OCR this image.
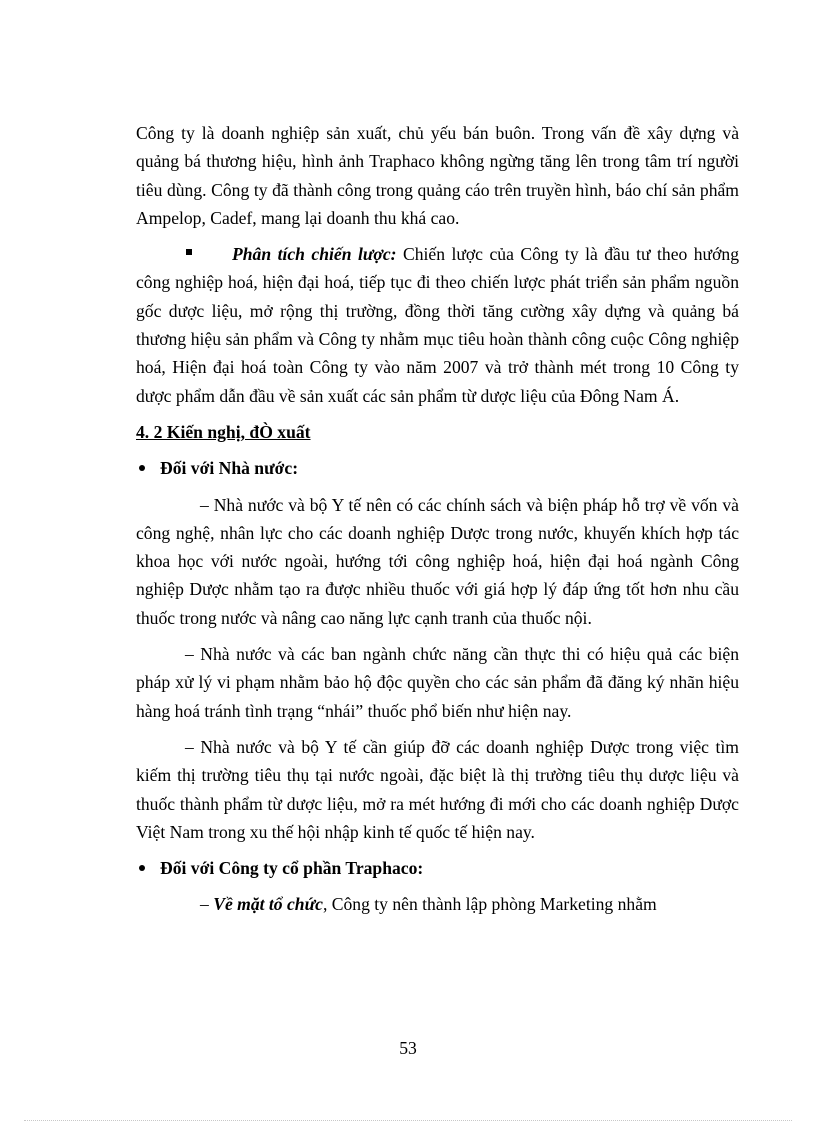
Công ty là doanh nghiệp sản xuất, chủ yếu bán buôn. Trong vấn đề xây dựng và quảng bá thương hiệu, hình ảnh Traphaco không ngừng tăng lên trong tâm trí người tiêu dùng. Công ty đã thành công trong quảng cáo trên truyền hình, báo chí sản phẩm Ampelop, Cadef, mang lại doanh thu khá cao.

Phân tích chiến lược: Chiến lược của Công ty là đầu tư theo hướng công nghiệp hoá, hiện đại hoá, tiếp tục đi theo chiến lược phát triển sản phẩm nguồn gốc dược liệu, mở rộng thị trường, đồng thời tăng cường xây dựng và quảng bá thương hiệu sản phẩm và Công ty nhằm mục tiêu hoàn thành công cuộc Công nghiệp hoá, Hiện đại hoá toàn Công ty vào năm 2007 và trở thành mét trong 10 Công ty dược phẩm dẫn đầu về sản xuất các sản phẩm từ dược liệu của Đông Nam Á.

4. 2 Kiến nghị, đÒ xuất

Đối với Nhà nước:

– Nhà nước và bộ Y tế nên có các chính sách và biện pháp hỗ trợ về vốn và công nghệ, nhân lực cho các doanh nghiệp Dược trong nước, khuyến khích hợp tác khoa học với nước ngoài, hướng tới công nghiệp hoá, hiện đại hoá ngành Công nghiệp Dược nhằm tạo ra được nhiều thuốc với giá hợp lý đáp ứng tốt hơn nhu cầu thuốc trong nước và nâng cao năng lực cạnh tranh của thuốc nội.

– Nhà nước và các ban ngành chức năng cần thực thi có hiệu quả các biện pháp xử lý vi phạm nhằm bảo hộ độc quyền cho các sản phẩm đã đăng ký nhãn hiệu hàng hoá tránh tình trạng “nhái” thuốc phổ biến như hiện nay.

– Nhà nước và bộ Y tế cần giúp đỡ các doanh nghiệp Dược trong việc tìm kiếm thị trường tiêu thụ tại nước ngoài, đặc biệt là thị trường tiêu thụ dược liệu và thuốc thành phẩm từ dược liệu, mở ra mét hướng đi mới cho các doanh nghiệp Dược Việt Nam trong xu thế hội nhập kinh tế quốc tế hiện nay.

Đối với Công ty cổ phần Traphaco:

– Về mặt tổ chức, Công ty nên thành lập phòng Marketing nhằm

53
